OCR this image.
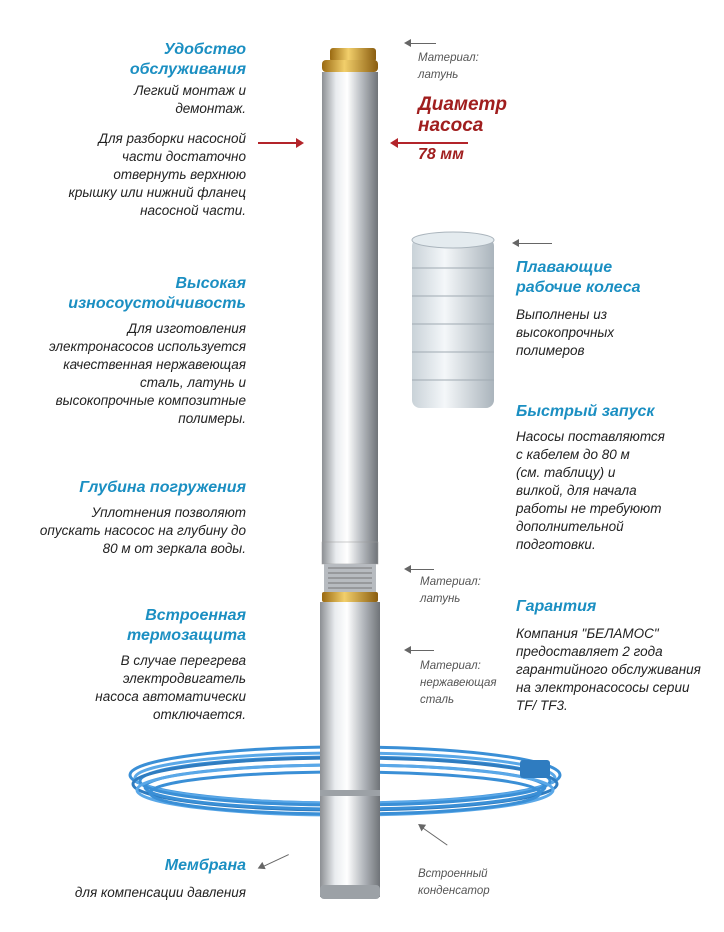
Удобство
обслуживания
Легкий монтаж и
демонтаж.
Для разборки насосной
части достаточно
отвернуть верхнюю
крышку или нижний фланец
насосной части.
Высокая
износоустойчивость
Для изготовления
электронасосов используется
качественная нержавеющая
сталь, латунь и
высокопрочные композитные
полимеры.
Глубина погружения
Уплотнения позволяют
опускать насосос на глубину до
80 м от зеркала воды.
Встроенная
термозащита
В случае перегрева
электродвигатель
насоса автоматически
отключается.
Мембрана
для компенсации давления
Материал:
латунь
Диаметр
насоса
78 мм
Плавающие
рабочие колеса
Выполнены из
высокопрочных
полимеров
Быстрый запуск
Насосы поставляются
с кабелем до 80 м
(см. таблицу) и
вилкой, для начала
работы не требуюют
дополнительной
подготовки.
Материал:
латунь	Гарантия
Компания "БЕЛАМОС"
предоставляет 2 года
гарантийного обслуживания
на электронасососы серии
TF/ TF3.
Материал:
нержавеющая
сталь
Встроенный
конденсатор
